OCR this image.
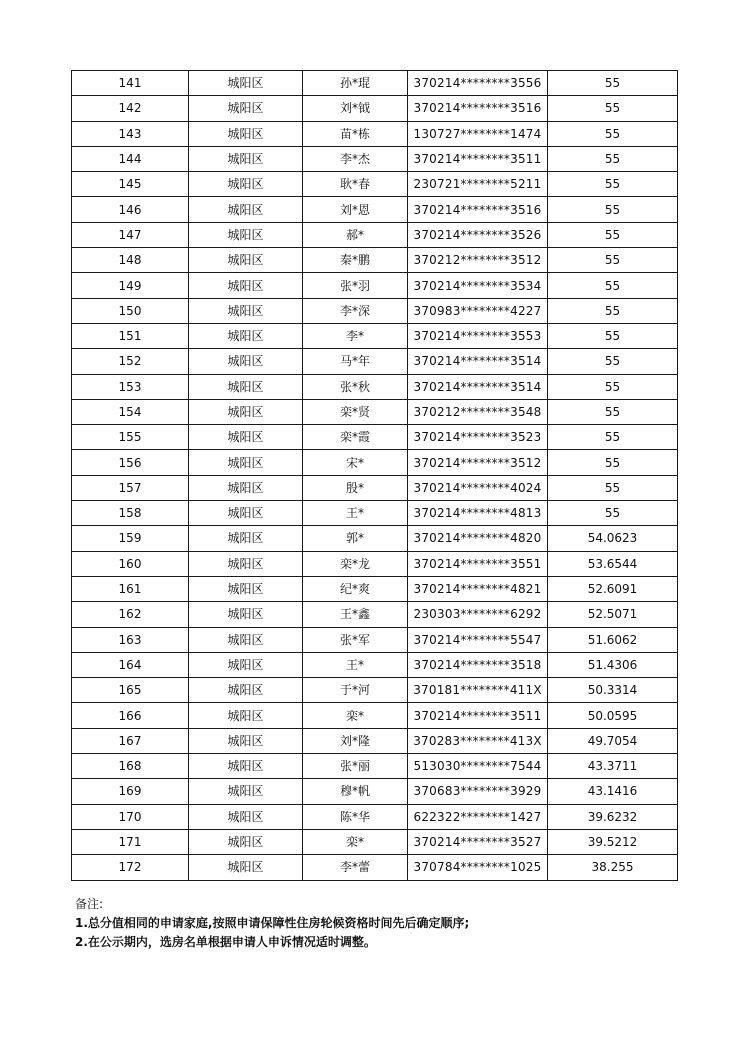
141	城阳区	孙*琨	370214********3556	55
142	城阳区	刘*钺	370214********3516	55
143	城阳区	苗*栋	130727********1474	55
144	城阳区	李*杰	370214********3511	55
145	城阳区	耿*春	230721********5211	55
146	城阳区	刘*恩	370214********3516	55
147	城阳区	郝*	370214********3526	55
148	城阳区	秦*鹏	370212********3512	55
149	城阳区	张*羽	370214********3534	55
150	城阳区	李*深	370983********4227	55
151	城阳区	李*	370214********3553	55
152	城阳区	马*年	370214********3514	55
153	城阳区	张*秋	370214********3514	55
154	城阳区	栾*贤	370212********3548	55
155	城阳区	栾*霞	370214********3523	55
156	城阳区	宋*	370214********3512	55
157	城阳区	殷*	370214********4024	55
158	城阳区	王*	370214********4813	55
159	城阳区	郭*	370214********4820	54.0623
160	城阳区	栾*龙	370214********3551	53.6544
161	城阳区	纪*爽	370214********4821	52.6091
162	城阳区	王*鑫	230303********6292	52.5071
163	城阳区	张*军	370214********5547	51.6062
164	城阳区	王*	370214********3518	51.4306
165	城阳区	于*河	370181********411X	50.3314
166	城阳区	栾*	370214********3511	50.0595
167	城阳区	刘*隆	370283********413X	49.7054
168	城阳区	张*丽	513030********7544	43.3711
169	城阳区	穆*帆	370683********3929	43.1416
170	城阳区	陈*华	622322********1427	39.6232
171	城阳区	栾*	370214********3527	39.5212
172	城阳区	李*蕾	370784********1025	38.255
备注:
1.总分值相同的申请家庭,按照申请保障性住房轮候资格时间先后确定顺序;
2.在公示期内，选房名单根据申请人申诉情况适时调整。
